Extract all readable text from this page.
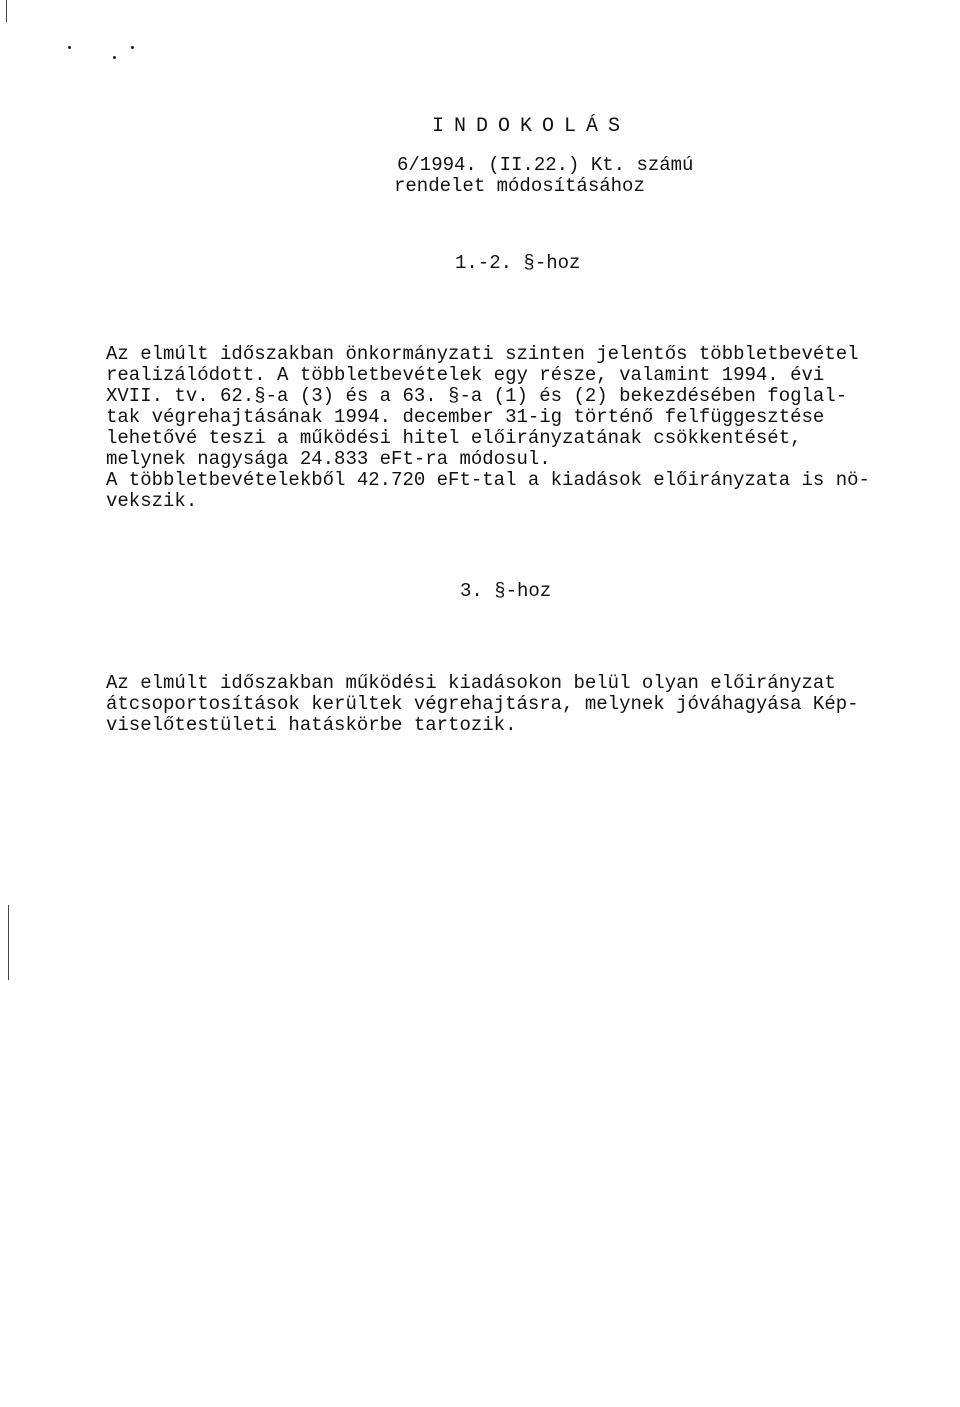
INDOKOLÁS
6/1994. (II.22.) Kt. számú
rendelet módosításához
1.-2. §-hoz
Az elmúlt időszakban önkormányzati szinten jelentős többletbevétel
realizálódott. A többletbevételek egy része, valamint 1994. évi
XVII. tv. 62.§-a (3) és a 63. §-a (1) és (2) bekezdésében foglal-
tak végrehajtásának 1994. december 31-ig történő felfüggesztése
lehetővé teszi a működési hitel előirányzatának csökkentését,
melynek nagysága 24.833 eFt-ra módosul.
A többletbevételekből 42.720 eFt-tal a kiadások előirányzata is nö-
vekszik.
3. §-hoz
Az elmúlt időszakban működési kiadásokon belül olyan előirányzat
átcsoportosítások kerültek végrehajtásra, melynek jóváhagyása Kép-
viselőtestületi hatáskörbe tartozik.
